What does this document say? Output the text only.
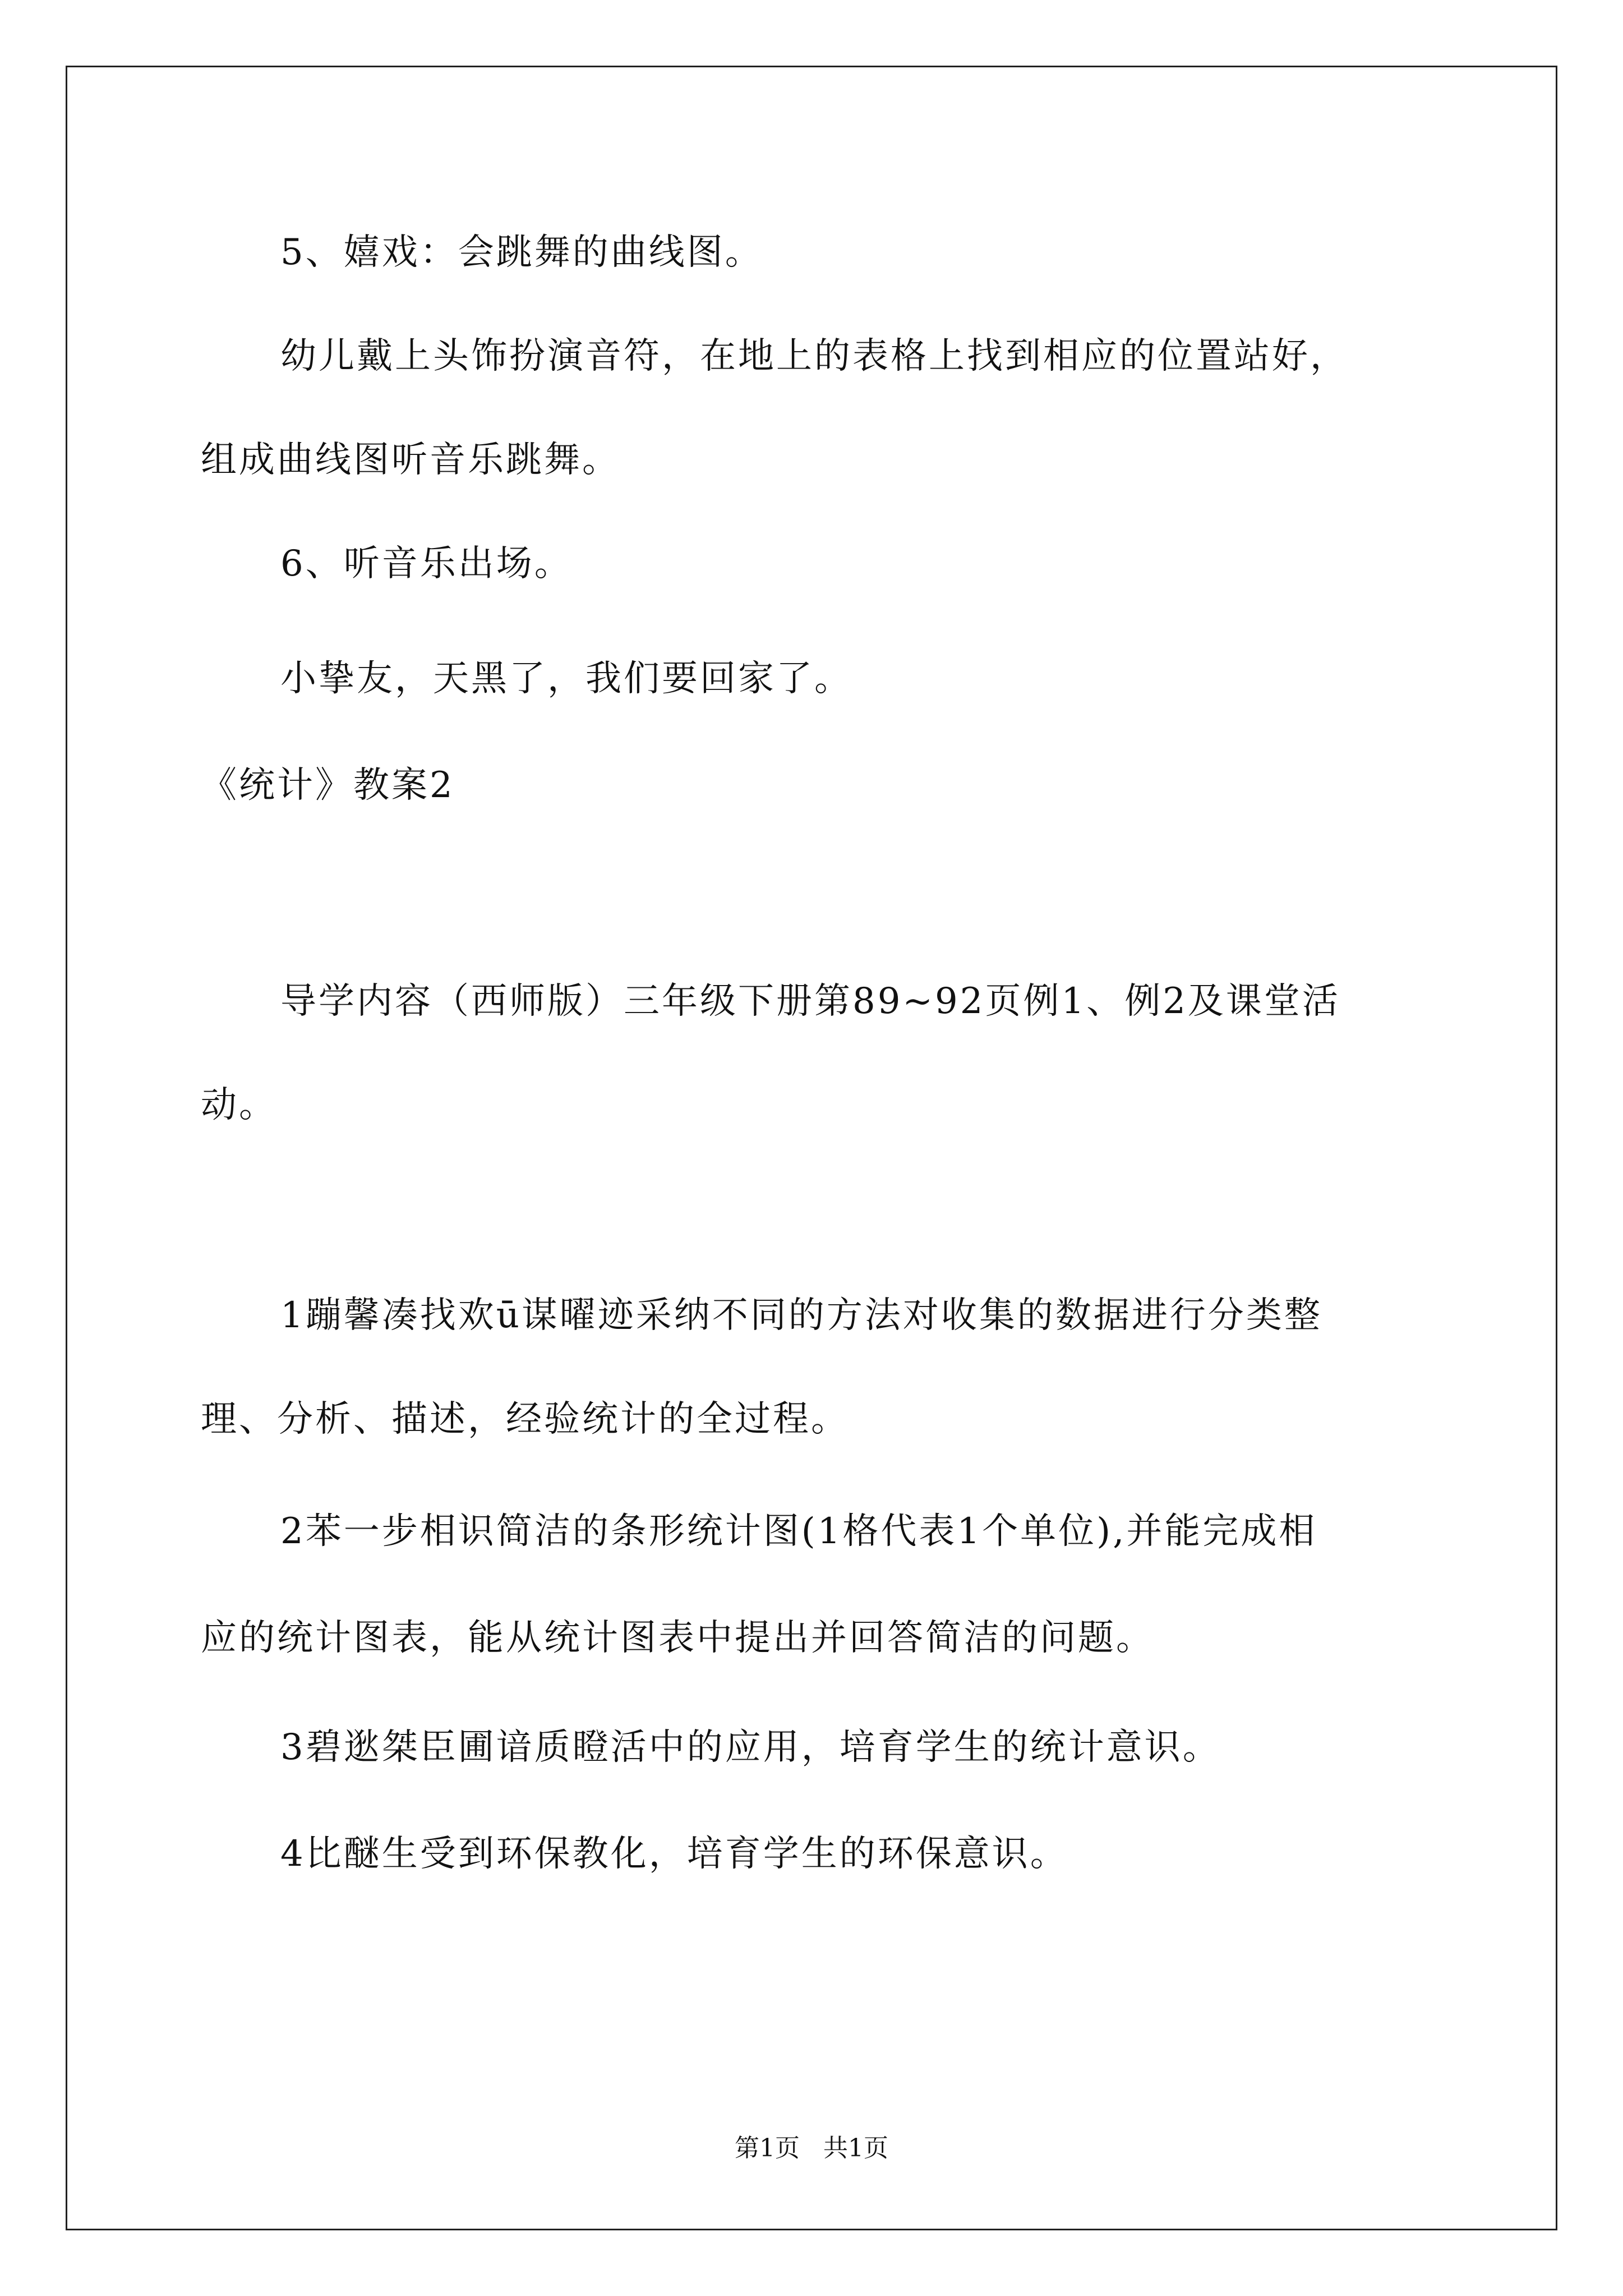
5、嬉戏：会跳舞的曲线图。
幼儿戴上头饰扮演音符，在地上的表格上找到相应的位置站好，
组成曲线图听音乐跳舞。
6、听音乐出场。
小挚友，天黑了，我们要回家了。
《统计》教案2
导学内容（西师版）三年级下册第89~92页例1、例2及课堂活
动。
1蹦馨凑找欢ū谋曜迹采纳不同的方法对收集的数据进行分类整
理、分析、描述，经验统计的全过程。
2苯一步相识简洁的条形统计图(1格代表1个单位),并能完成相
应的统计图表，能从统计图表中提出并回答简洁的问题。
3碧逖桀臣圃谙质瞪活中的应用，培育学生的统计意识。
4比醚生受到环保教化，培育学生的环保意识。
第1页   共1页
